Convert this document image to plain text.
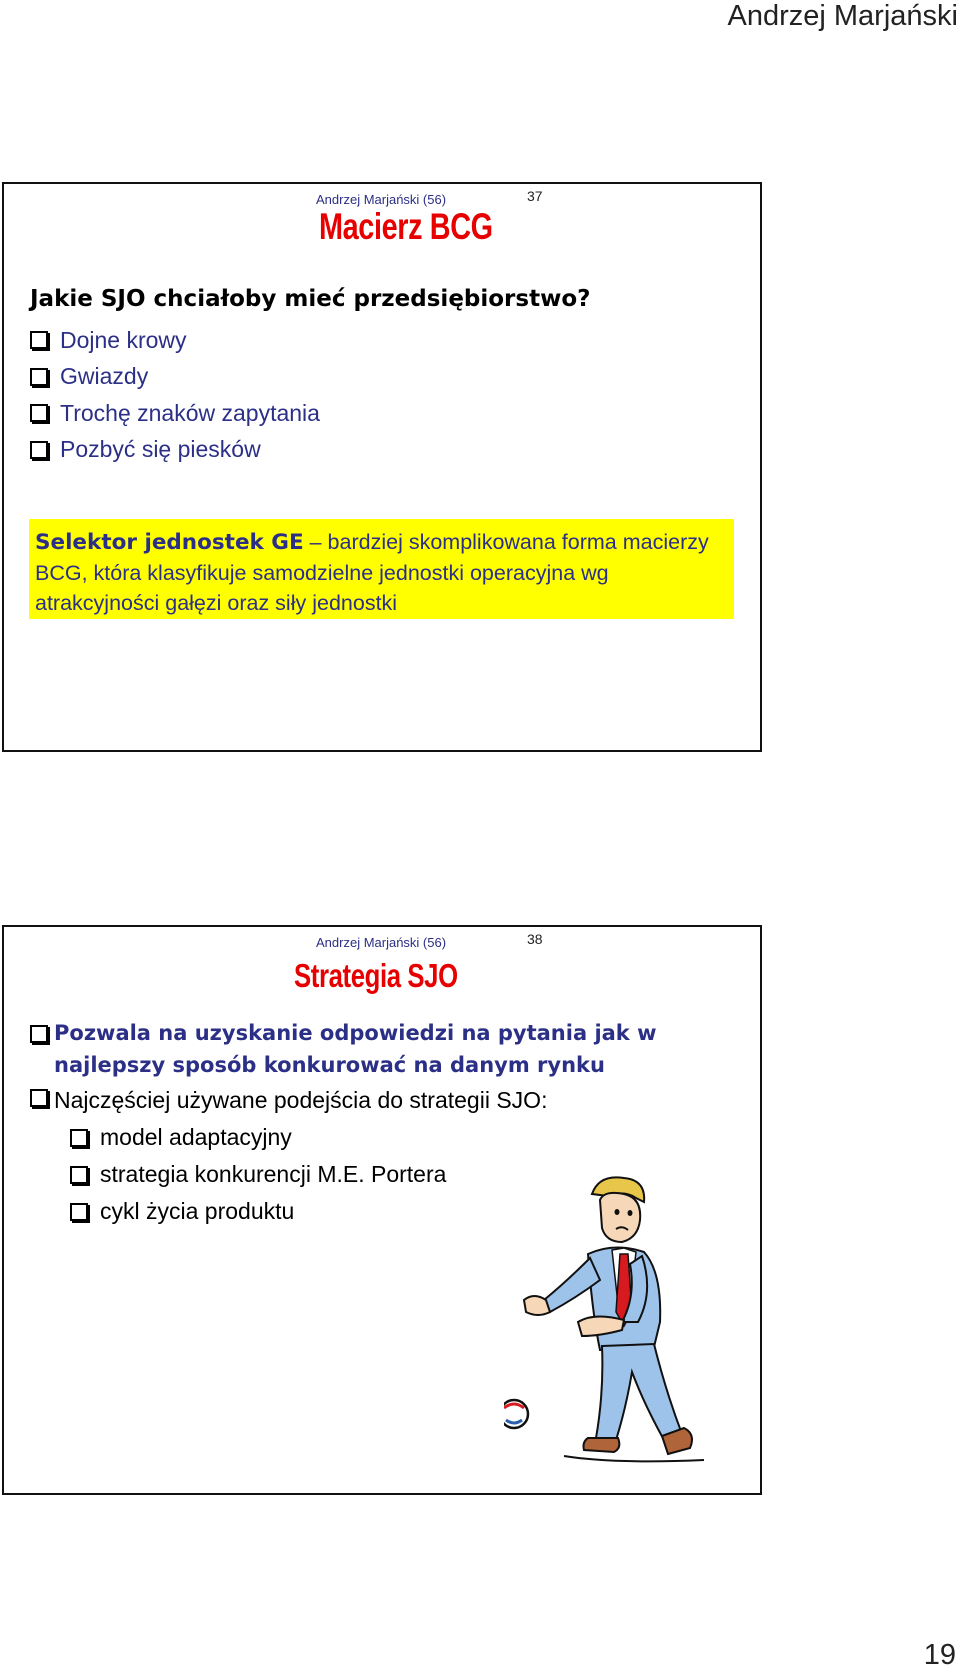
Andrzej Marjański
Andrzej Marjański (56)	37
Macierz BCG
Jakie SJO chciałoby mieć przedsiębiorstwo?
Dojne krowy
Gwiazdy
Trochę znaków zapytania
Pozbyć się piesków
Selektor jednostek GE – bardziej skomplikowana forma macierzy BCG, która klasyfikuje samodzielne jednostki operacyjna wg atrakcyjności gałęzi oraz siły jednostki
Andrzej Marjański (56)	38
Strategia SJO
Pozwala na uzyskanie odpowiedzi na pytania jak w najlepszy sposób konkurować na danym rynku
Najczęściej używane podejścia do strategii SJO:
model adaptacyjny
strategia konkurencji M.E. Portera
cykl życia produktu
19
